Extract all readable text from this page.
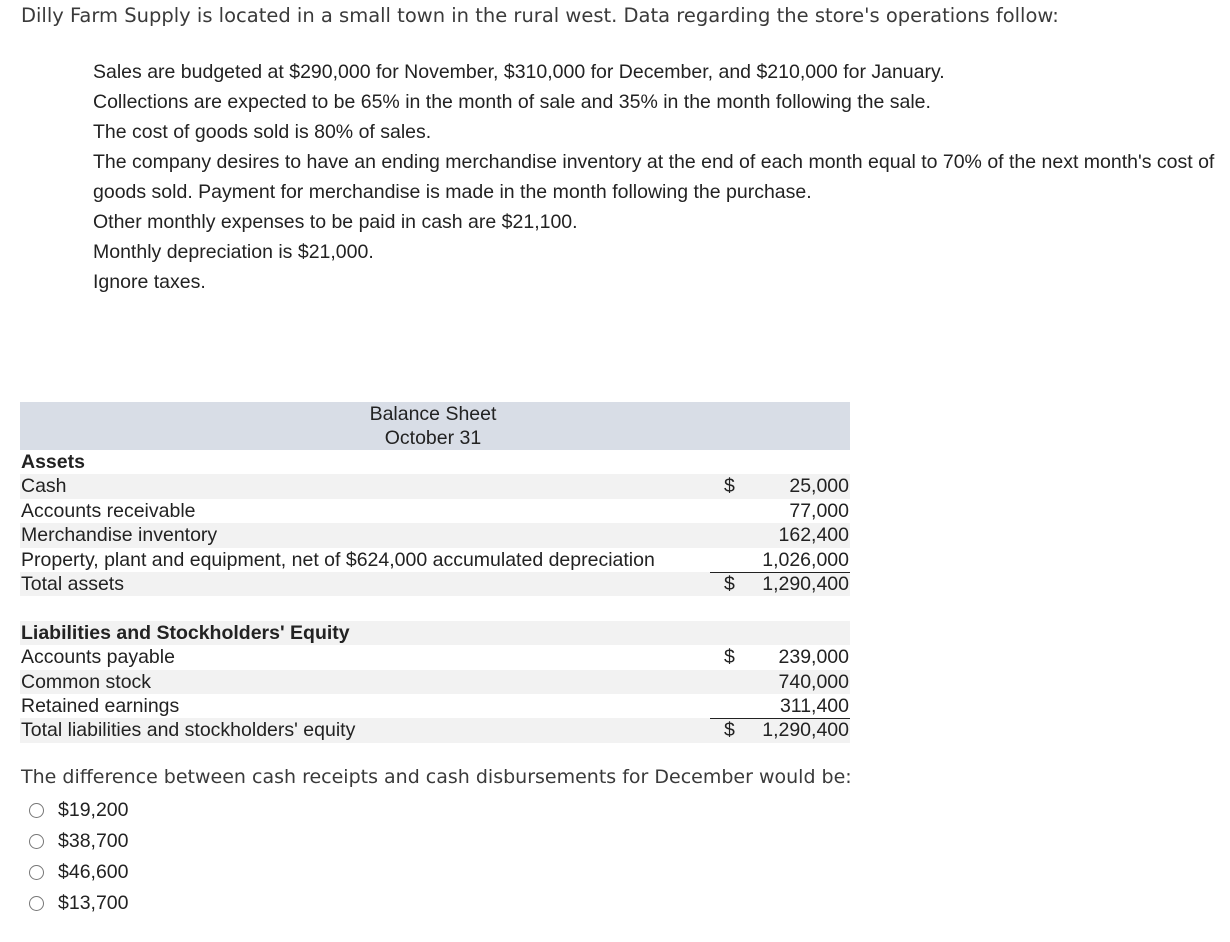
Dilly Farm Supply is located in a small town in the rural west. Data regarding the store's operations follow:

Sales are budgeted at $290,000 for November, $310,000 for December, and $210,000 for January.

Collections are expected to be 65% in the month of sale and 35% in the month following the sale.

The cost of goods sold is 80% of sales.

The company desires to have an ending merchandise inventory at the end of each month equal to 70% of the next month's cost of goods sold. Payment for merchandise is made in the month following the purchase.

Other monthly expenses to be paid in cash are $21,100.

Monthly depreciation is $21,000.

Ignore taxes.

Balance Sheet
October 31
Assets
Cash	$	25,000
Accounts receivable	77,000
Merchandise inventory	162,400
Property, plant and equipment, net of $624,000 accumulated depreciation	1,026,000
Total assets	$ 1,290,400
Liabilities and Stockholders' Equity
Accounts payable	$ 239,000
Common stock	740,000
Retained earnings	311,400
Total liabilities and stockholders' equity	$ 1,290,400
The difference between cash receipts and cash disbursements for December would be:
$19,200
$38,700
$46,600
$13,700
